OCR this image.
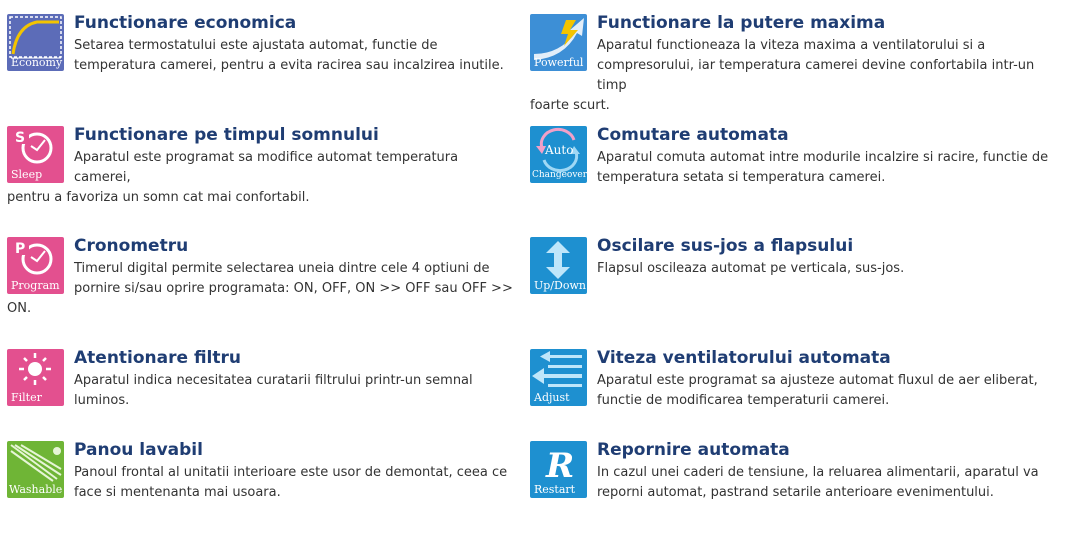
Economy
Functionare economica
Setarea termostatului este ajustata automat, functie de
temperatura camerei, pentru a evita racirea sau incalzirea inutile.	Powerful
Functionare la putere maxima
Aparatul functioneaza la viteza maxima a ventilatorului si a
compresorului, iar temperatura camerei devine confortabila intr-un timp
foarte scurt.
S
Sleep
Functionare pe timpul somnului
Aparatul este programat sa modifice automat temperatura
camerei,
pentru a favoriza un somn cat mai confortabil.
Auto
Changeover
Comutare automata
Aparatul comuta automat intre modurile incalzire si racire, functie de
temperatura setata si temperatura camerei.
P
Program
Cronometru
Timerul digital permite selectarea uneia dintre cele 4 optiuni de
pornire si/sau oprire programata: ON, OFF, ON >> OFF sau OFF >>
ON.
Up/Down
Oscilare sus-jos a flapsului
Flapsul oscileaza automat pe verticala, sus-jos.
Filter
Atentionare filtru
Aparatul indica necesitatea curatarii filtrului printr-un semnal
luminos.	Adjust
Viteza ventilatorului automata
Aparatul este programat sa ajusteze automat fluxul de aer eliberat,
functie de modificarea temperaturii camerei.
Washable
Panou lavabil
Panoul frontal al unitatii interioare este usor de demontat, ceea ce
face si mentenanta mai usoara.
R
Restart
Repornire automata
In cazul unei caderi de tensiune, la reluarea alimentarii, aparatul va
reporni automat, pastrand setarile anterioare evenimentului.
